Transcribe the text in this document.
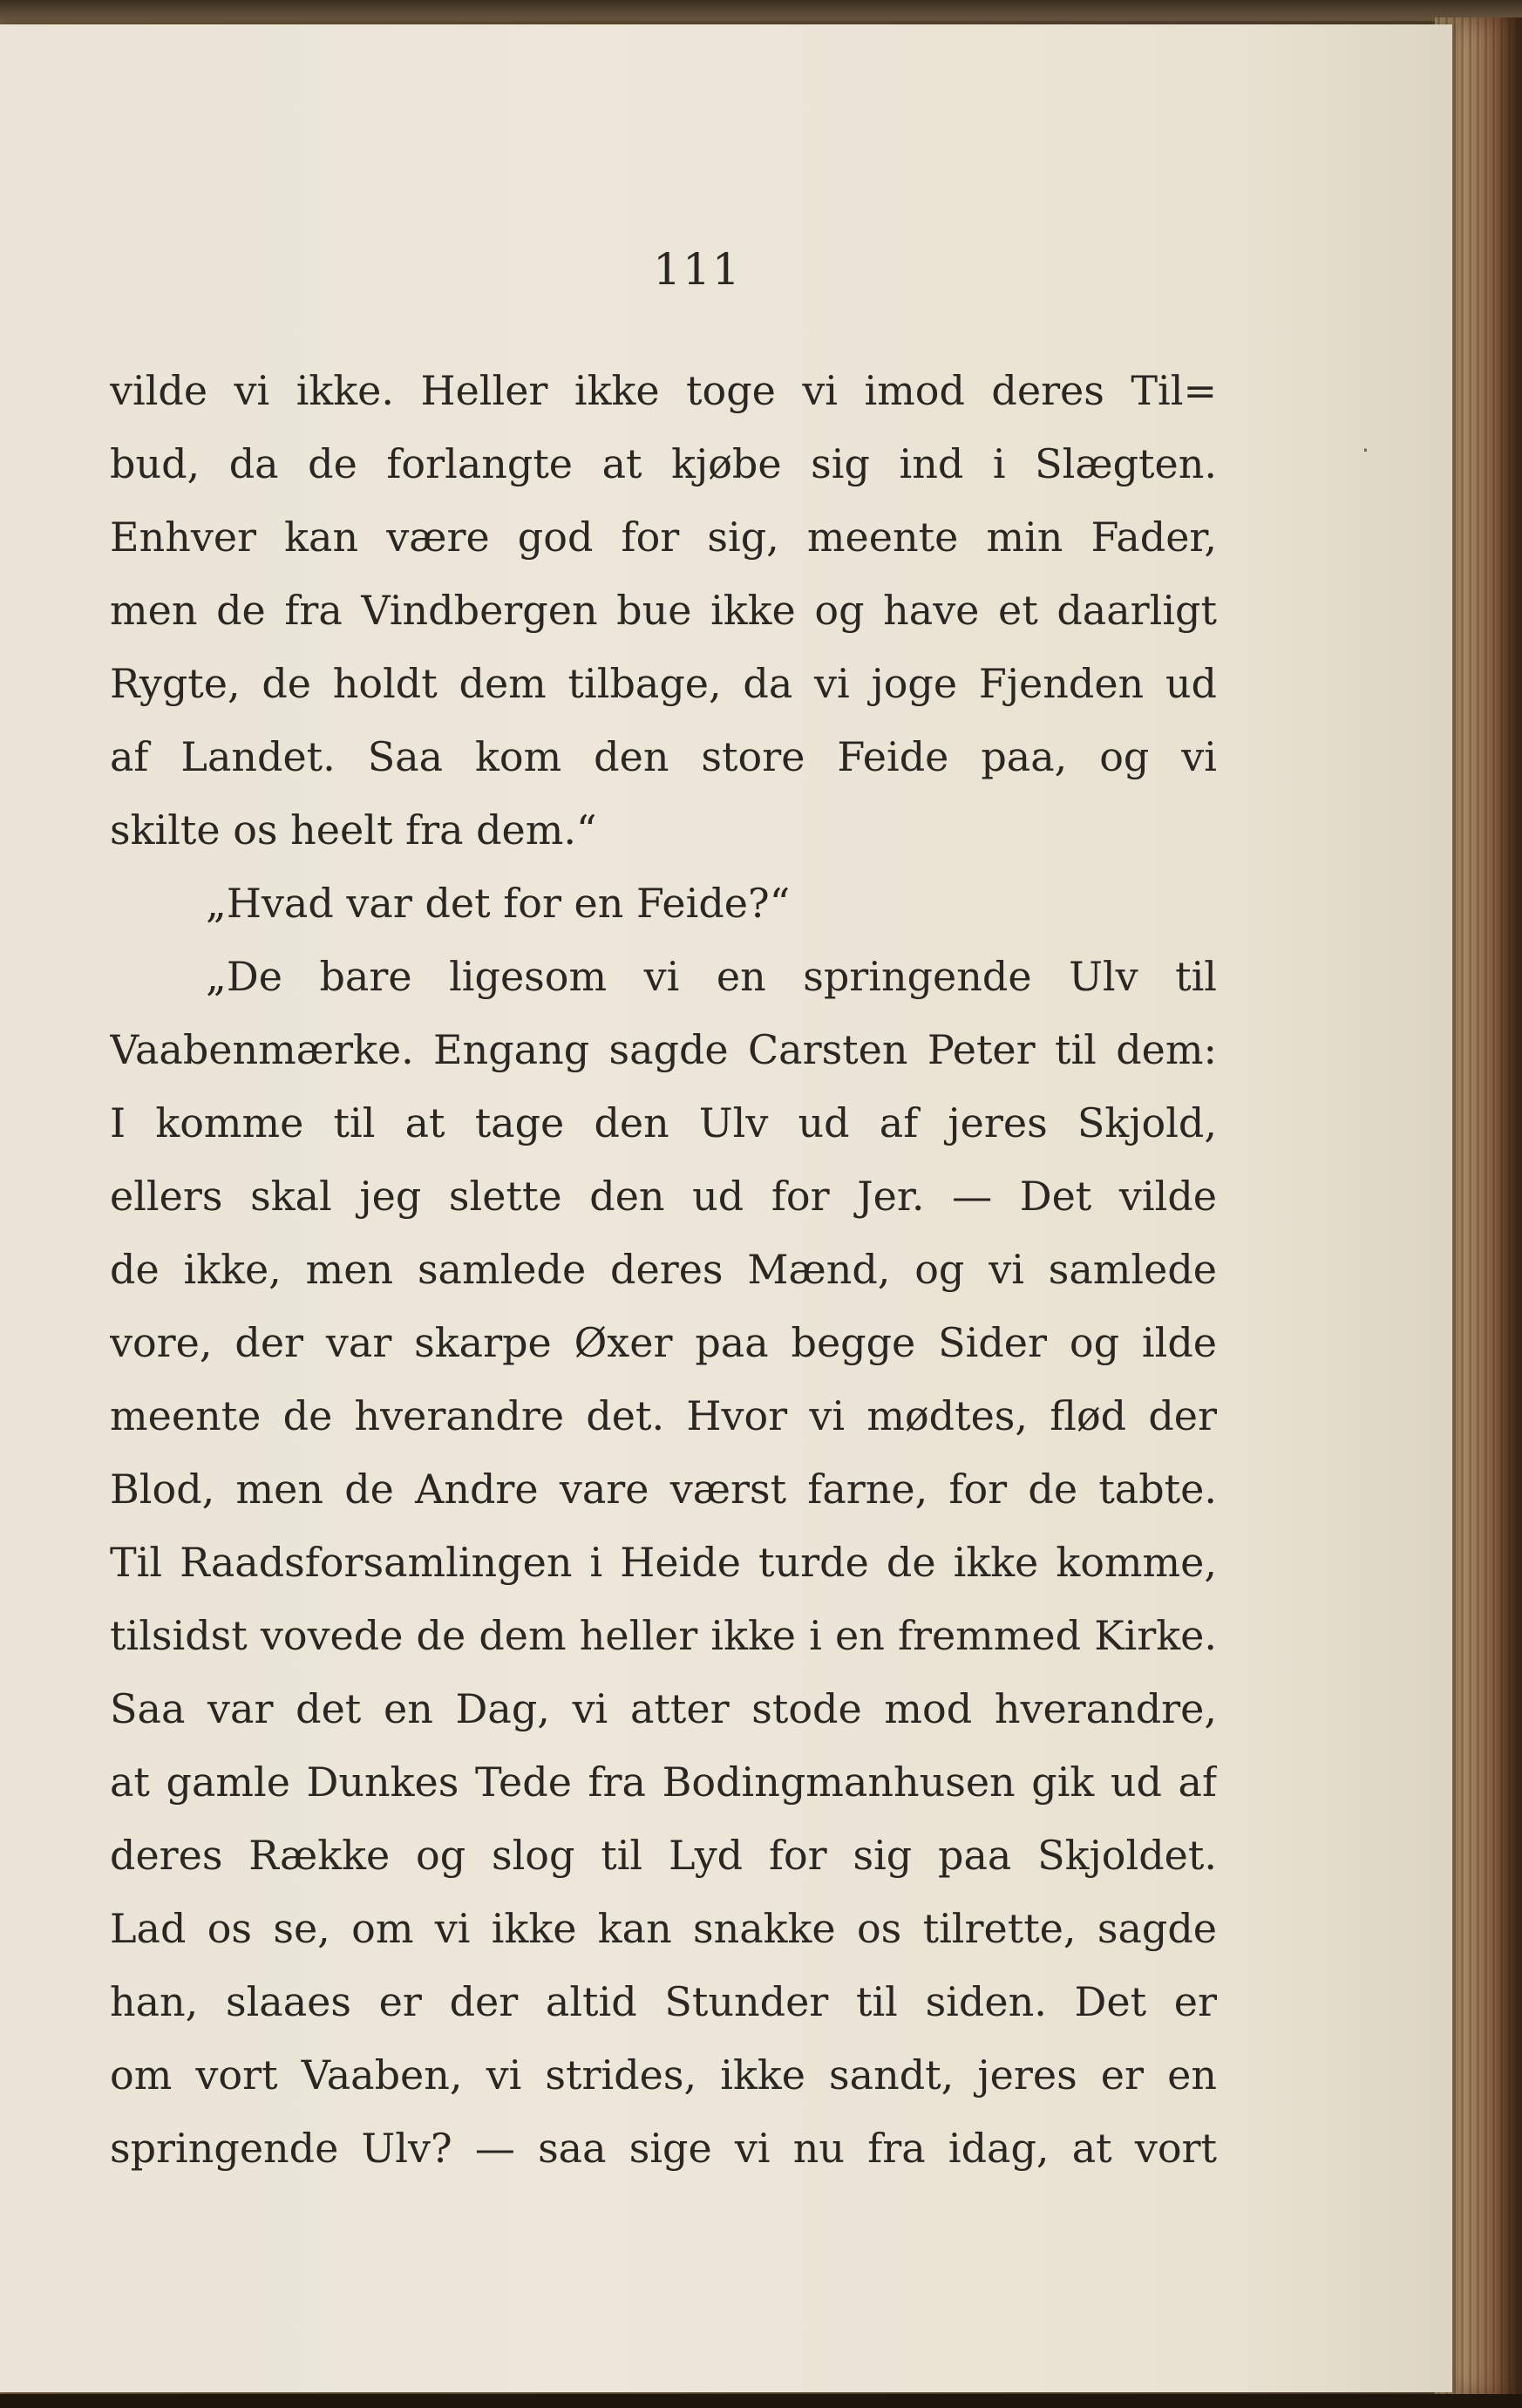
111
vilde vi ikke. Heller ikke toge vi imod deres Til=
bud, da de forlangte at kjøbe sig ind i Slægten.
Enhver kan være god for sig, meente min Fader,
men de fra Vindbergen bue ikke og have et daarligt
Rygte, de holdt dem tilbage, da vi joge Fjenden ud
af Landet. Saa kom den store Feide paa, og vi
skilte os heelt fra dem.“
„Hvad var det for en Feide?“
„De bare ligesom vi en springende Ulv til
Vaabenmærke. Engang sagde Carsten Peter til dem:
I komme til at tage den Ulv ud af jeres Skjold,
ellers skal jeg slette den ud for Jer. — Det vilde
de ikke, men samlede deres Mænd, og vi samlede
vore, der var skarpe Øxer paa begge Sider og ilde
meente de hverandre det. Hvor vi mødtes, flød der
Blod, men de Andre vare værst farne, for de tabte.
Til Raadsforsamlingen i Heide turde de ikke komme,
tilsidst vovede de dem heller ikke i en fremmed Kirke.
Saa var det en Dag, vi atter stode mod hverandre,
at gamle Dunkes Tede fra Bodingmanhusen gik ud af
deres Række og slog til Lyd for sig paa Skjoldet.
Lad os se, om vi ikke kan snakke os tilrette, sagde
han, slaaes er der altid Stunder til siden. Det er
om vort Vaaben, vi strides, ikke sandt, jeres er en
springende Ulv? — saa sige vi nu fra idag, at vort
·
